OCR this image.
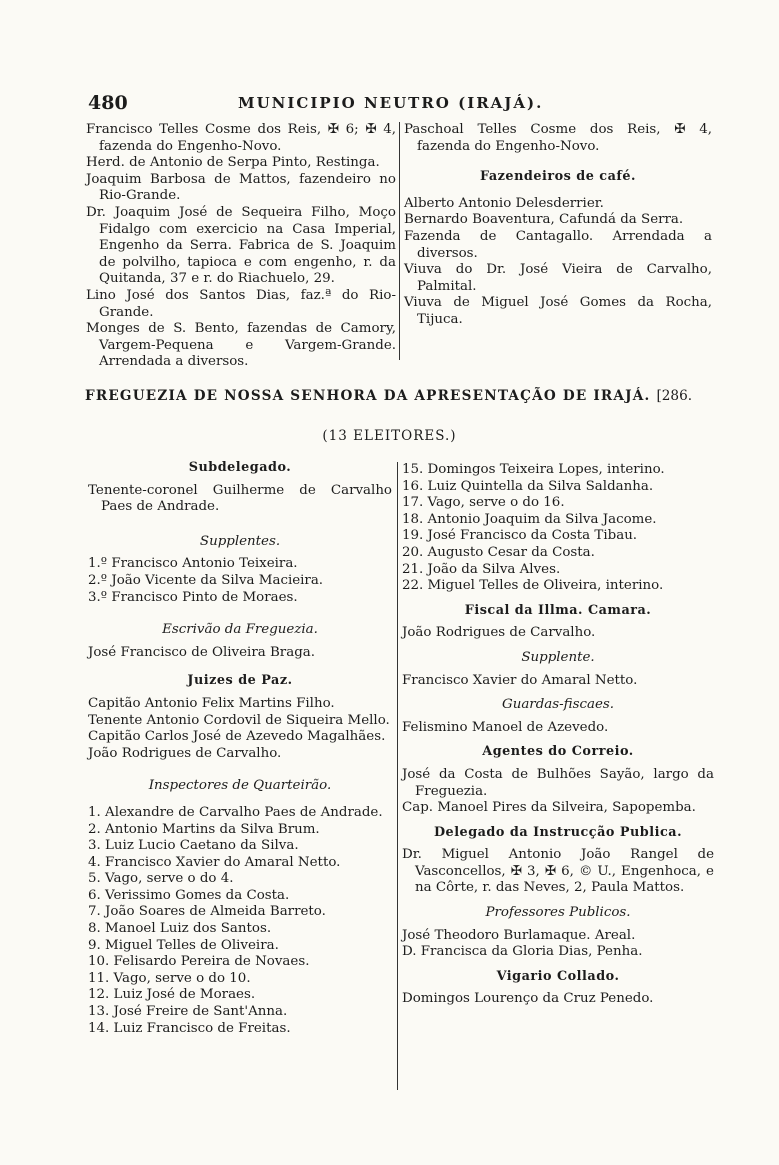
480	MUNICIPIO NEUTRO (IRAJÁ).

Francisco Telles Cosme dos Reis, ✠ 6; ✠ 4, fazenda do Engenho-Novo.

Herd. de Antonio de Serpa Pinto, Restinga.

Joaquim Barbosa de Mattos, fazendeiro no Rio-Grande.

Dr. Joaquim José de Sequeira Filho, Moço Fidalgo com exercicio na Casa Imperial, Engenho da Serra. Fabrica de S. Joaquim de polvilho, tapioca e com engenho, r. da Quitanda, 37 e r. do Riachuelo, 29.

Lino José dos Santos Dias, faz.ª do Rio-Grande.

Monges de S. Bento, fazendas de Camory, Vargem-Pequena e Vargem-Grande. Arrendada a diversos.

Paschoal Telles Cosme dos Reis, ✠ 4, fazenda do Engenho-Novo.

Fazendeiros de café.

Alberto Antonio Delesderrier.

Bernardo Boaventura, Cafundá da Serra.

Fazenda de Cantagallo. Arrendada a diversos.

Viuva do Dr. José Vieira de Carvalho, Palmital.

Viuva de Miguel José Gomes da Rocha, Tijuca.

FREGUEZIA DE NOSSA SENHORA DA APRESENTAÇÃO DE IRAJÁ. [286.
(13 ELEITORES.)

Subdelegado.

Tenente-coronel Guilherme de Carvalho Paes de Andrade.

Supplentes.

1.º Francisco Antonio Teixeira.
2.º João Vicente da Silva Macieira.
3.º Francisco Pinto de Moraes.

Escrivão da Freguezia.

José Francisco de Oliveira Braga.

Juizes de Paz.

Capitão Antonio Felix Martins Filho.
Tenente Antonio Cordovil de Siqueira Mello.
Capitão Carlos José de Azevedo Magalhães.
João Rodrigues de Carvalho.

Inspectores de Quarteirão.

1. Alexandre de Carvalho Paes de Andrade.
2. Antonio Martins da Silva Brum.
3. Luiz Lucio Caetano da Silva.
4. Francisco Xavier do Amaral Netto.
5. Vago, serve o do 4.
6. Verissimo Gomes da Costa.
7. João Soares de Almeida Barreto.
8. Manoel Luiz dos Santos.
9. Miguel Telles de Oliveira.
10. Felisardo Pereira de Novaes.
11. Vago, serve o do 10.
12. Luiz José de Moraes.
13. José Freire de Sant'Anna.
14. Luiz Francisco de Freitas.
15. Domingos Teixeira Lopes, interino.
16. Luiz Quintella da Silva Saldanha.
17. Vago, serve o do 16.
18. Antonio Joaquim da Silva Jacome.
19. José Francisco da Costa Tibau.
20. Augusto Cesar da Costa.
21. João da Silva Alves.
22. Miguel Telles de Oliveira, interino.

Fiscal da Illma. Camara.

João Rodrigues de Carvalho.

Supplente.

Francisco Xavier do Amaral Netto.

Guardas-fiscaes.

Felismino Manoel de Azevedo.

Agentes do Correio.

José da Costa de Bulhões Sayão, largo da Freguezia.

Cap. Manoel Pires da Silveira, Sapopemba.

Delegado da Instrucção Publica.

Dr. Miguel Antonio João Rangel de Vasconcellos, ✠ 3, ✠ 6, © U., Engenhoca, e na Côrte, r. das Neves, 2, Paula Mattos.

Professores Publicos.

José Theodoro Burlamaque. Areal.

D. Francisca da Gloria Dias, Penha.

Vigario Collado.

Domingos Lourenço da Cruz Penedo.
